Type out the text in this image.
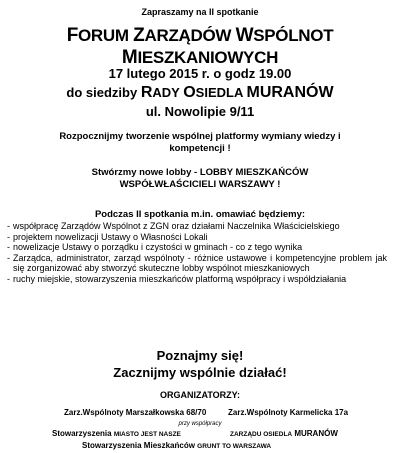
Zapraszamy na II spotkanie
FORUM ZARZĄDÓW WSPÓLNOT MIESZKANIOWYCH
17 lutego 2015 r. o godz 19.00
do siedziby RADY OSIEDLA MURANÓW
ul. Nowolipie 9/11
Rozpocznijmy tworzenie wspólnej platformy wymiany wiedzy i kompetencji !
Stwórzmy nowe lobby - LOBBY MIESZKAŃCÓW WSPÓŁWŁAŚCICIELI WARSZAWY !
Podczas II spotkania m.in. omawiać będziemy:
- współpracę Zarządów Wspólnot z ZGN oraz działami Naczelnika Właścicielskiego
- projektem nowelizacji Ustawy o Własności Lokali
- nowelizacje Ustawy o porządku i czystości w gminach - co z tego wynika
- Zarządca, administrator, zarząd wspólnoty - różnice ustawowe i kompetencyjne problem jak się zorganizować aby stworzyć skuteczne lobby wspólnot mieszkaniowych
- ruchy miejskie, stowarzyszenia mieszkańców platformą współpracy i współdziałania
Poznajmy się!
Zacznijmy wspólnie działać!
ORGANIZATORZY:
Zarz.Wspólnoty Marszałkowska 68/70	Zarz.Wspólnoty Karmelicka 17a
przy współpracy
Stowarzyszenia MIASTO JEST NASZE	ZARZĄDU OSIEDLA MURANÓW
Stowarzyszenia Mieszkańców GRUNT TO WARSZAWA
